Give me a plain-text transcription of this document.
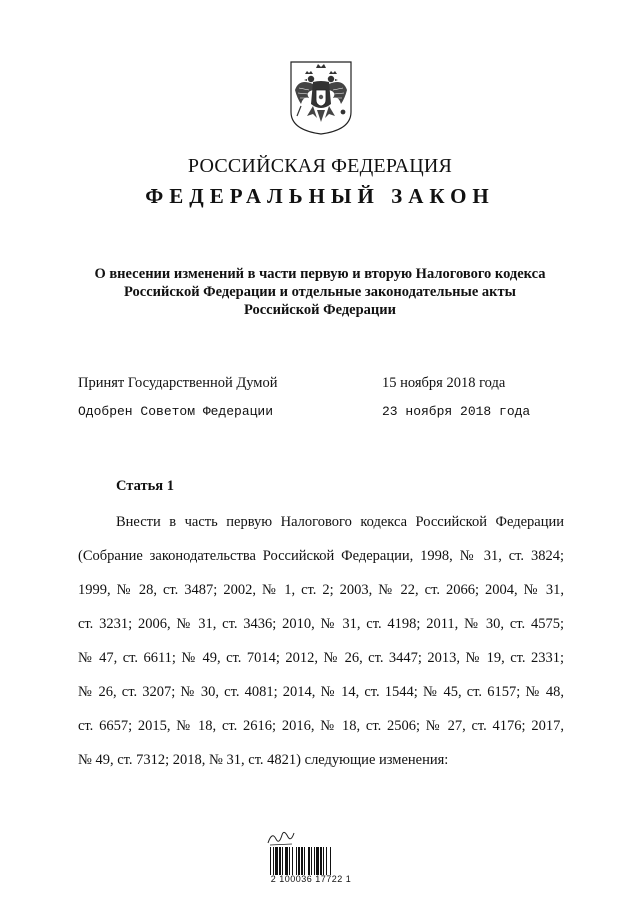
РОССИЙСКАЯ ФЕДЕРАЦИЯ
ФЕДЕРАЛЬНЫЙ ЗАКОН
О внесении изменений в части первую и вторую Налогового кодекса
Российской Федерации и отдельные законодательные акты
Российской Федерации
Принят Государственной Думой	15 ноября 2018 года
Одобрен Советом Федерации	23 ноября 2018 года
Статья 1
Внести в часть первую Налогового кодекса Российской Федерации
(Собрание законодательства Российской Федерации, 1998, № 31, ст. 3824;
1999, № 28, ст. 3487; 2002, № 1, ст. 2; 2003, № 22, ст. 2066; 2004, № 31,
ст. 3231; 2006, № 31, ст. 3436; 2010, № 31, ст. 4198; 2011, № 30, ст. 4575;
№ 47, ст. 6611; № 49, ст. 7014; 2012, № 26, ст. 3447; 2013, № 19, ст. 2331;
№ 26, ст. 3207; № 30, ст. 4081; 2014, № 14, ст. 1544; № 45, ст. 6157; № 48,
ст. 6657; 2015, № 18, ст. 2616; 2016, № 18, ст. 2506; № 27, ст. 4176; 2017,
№ 49, ст. 7312; 2018, № 31, ст. 4821) следующие изменения:
2 100036 17722 1
